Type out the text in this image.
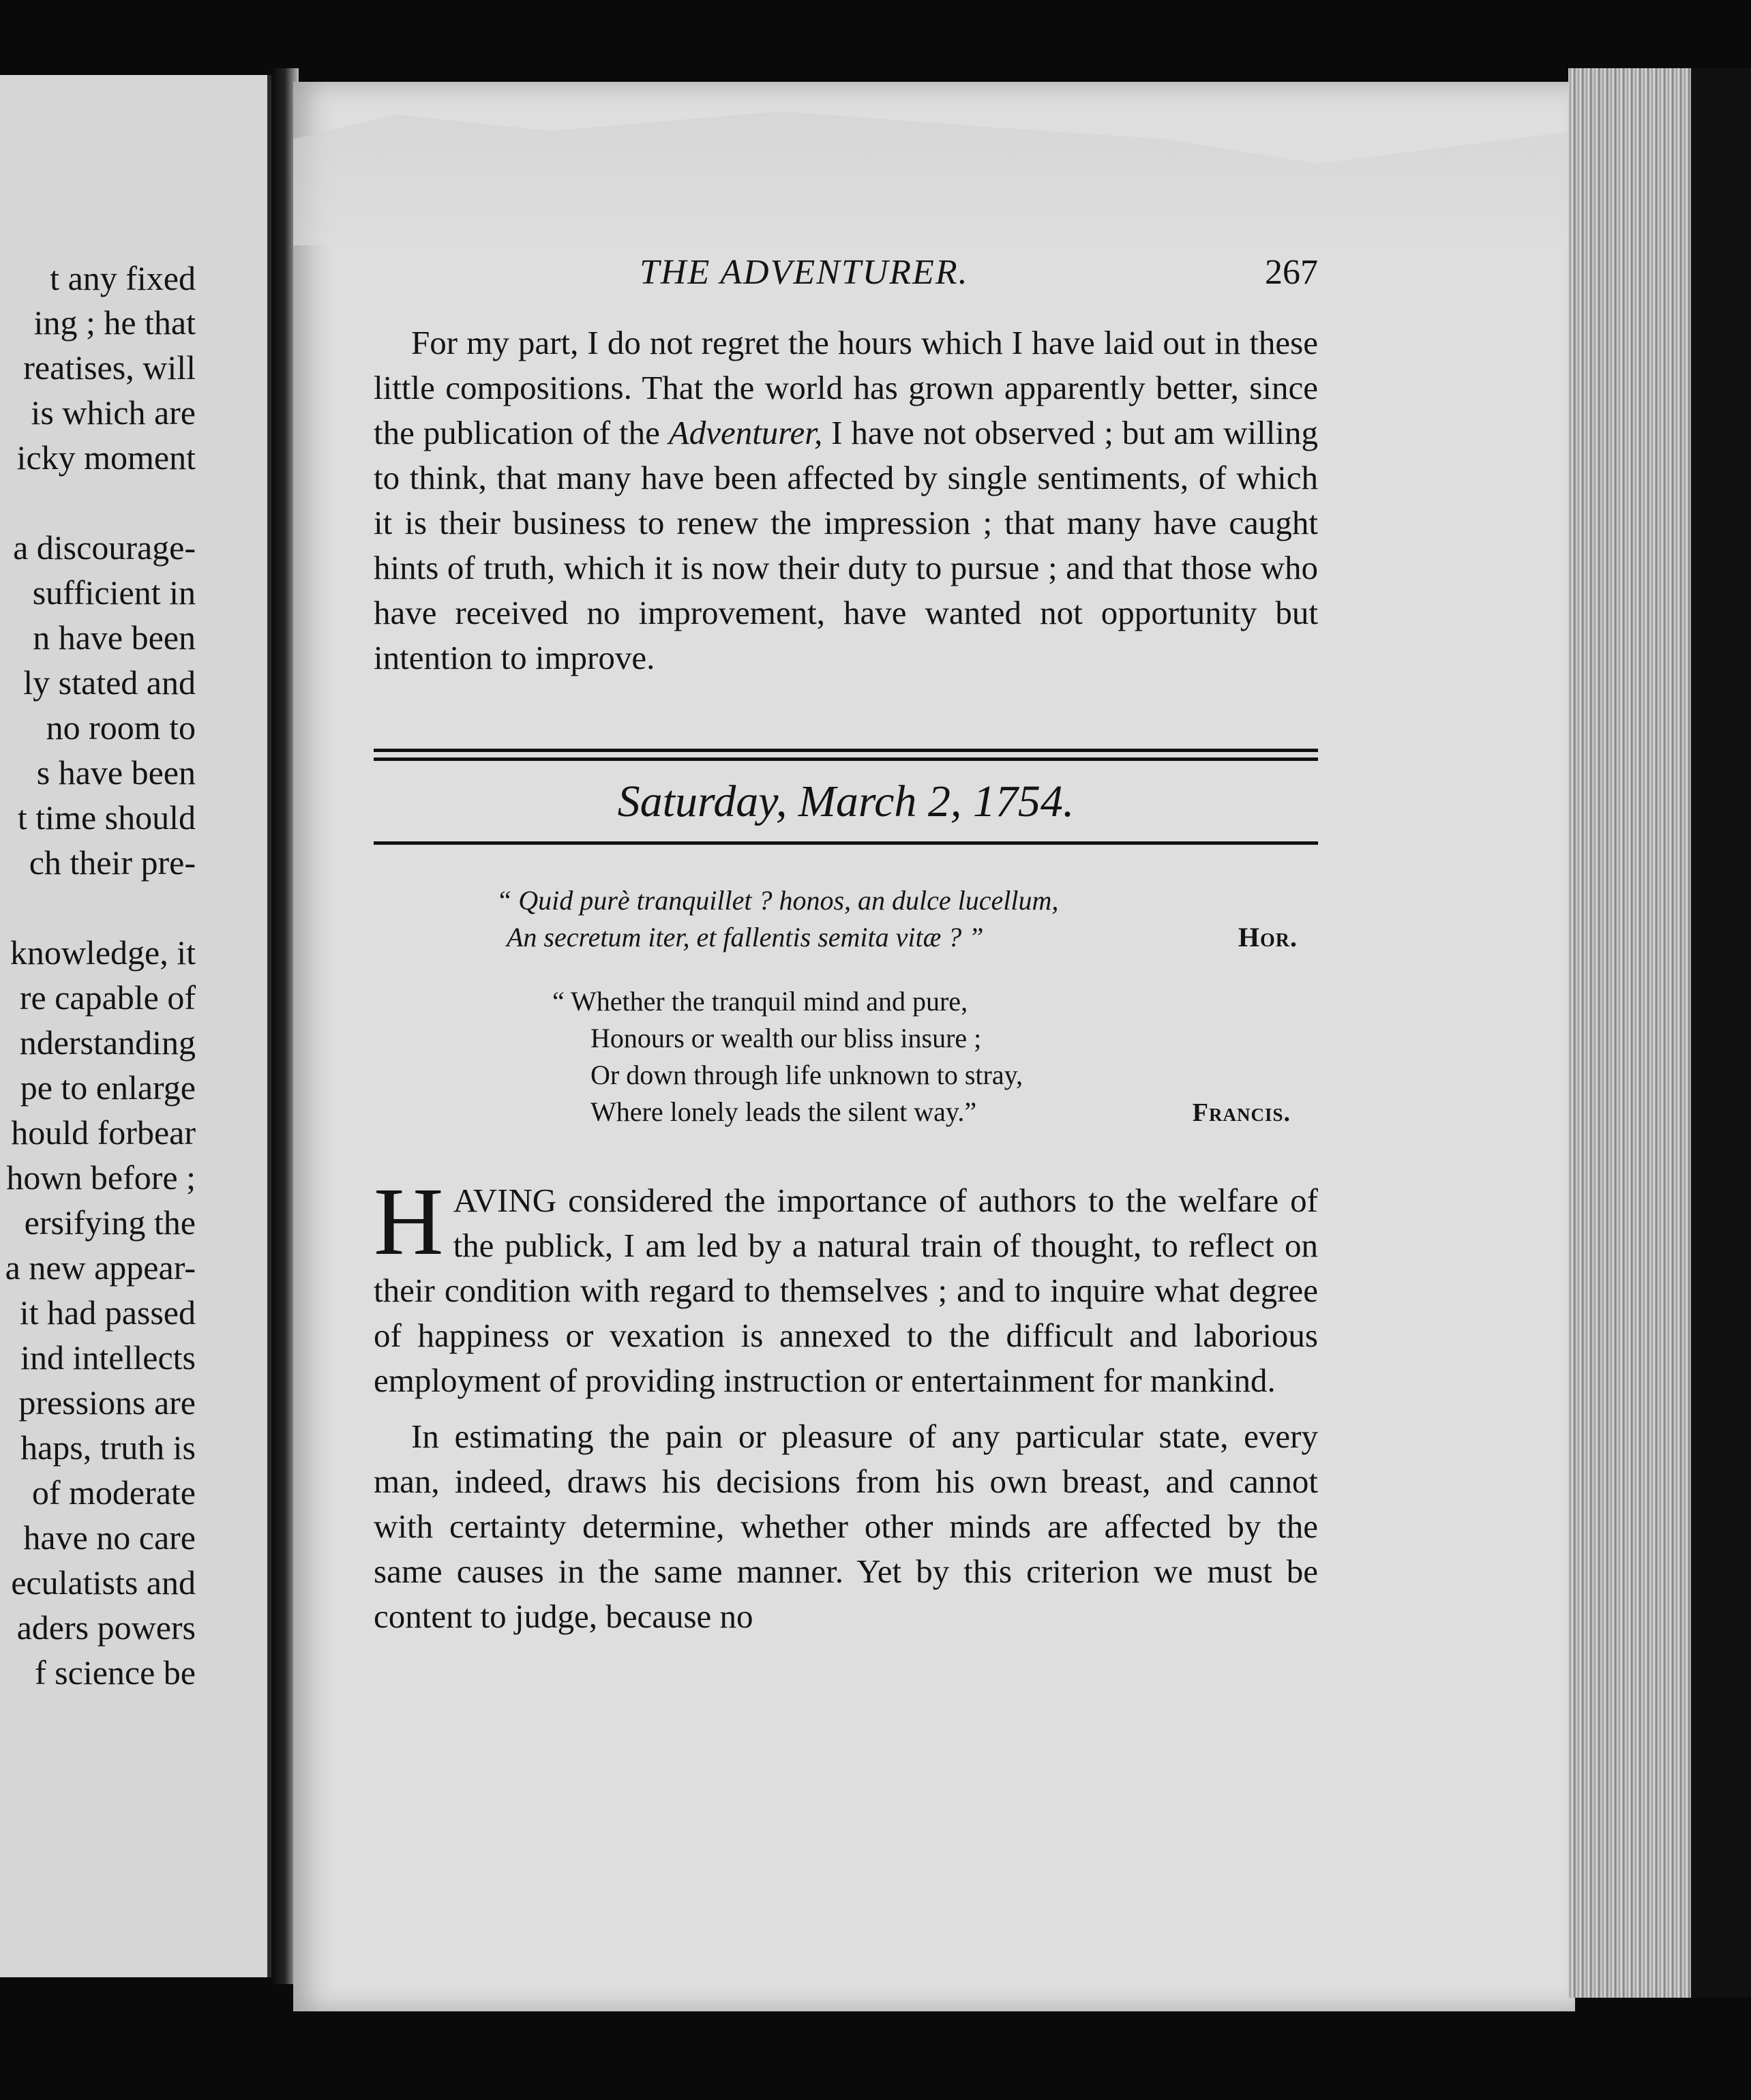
t any fixed
ing ; he that
reatises, will
is which are
icky moment
a discourage-
sufficient in
n have been
ly stated and
no room to
s have been
t time should
ch their pre-
knowledge, it
re capable of
nderstanding
pe to enlarge
hould forbear
hown before ;
ersifying the
a new appear-
it had passed
ind intellects
pressions are
haps, truth is
of moderate
have no care
eculatists and
aders powers
f science be
THE ADVENTURER.	267

For my part, I do not regret the hours which I have laid out in these little compositions. That the world has grown apparently better, since the publication of the Adventurer, I have not observed ; but am willing to think, that many have been affected by single sentiments, of which it is their business to renew the impression ; that many have caught hints of truth, which it is now their duty to pursue ; and that those who have received no improvement, have wanted not opportunity but intention to improve.

Saturday, March 2, 1754.
“ Quid purè tranquillet ? honos, an dulce lucellum,
An secretum iter, et fallentis semita vitæ ? ”	Hor.
“ Whether the tranquil mind and pure,
Honours or wealth our bliss insure ;
Or down through life unknown to stray,
Where lonely leads the silent way.”	Francis.

HAVING considered the importance of authors to the welfare of the publick, I am led by a natural train of thought, to reflect on their condition with regard to themselves ; and to inquire what degree of happiness or vexation is annexed to the difficult and laborious employment of providing instruction or entertainment for mankind.

In estimating the pain or pleasure of any particular state, every man, indeed, draws his decisions from his own breast, and cannot with certainty determine, whether other minds are affected by the same causes in the same manner. Yet by this criterion we must be content to judge, because no
